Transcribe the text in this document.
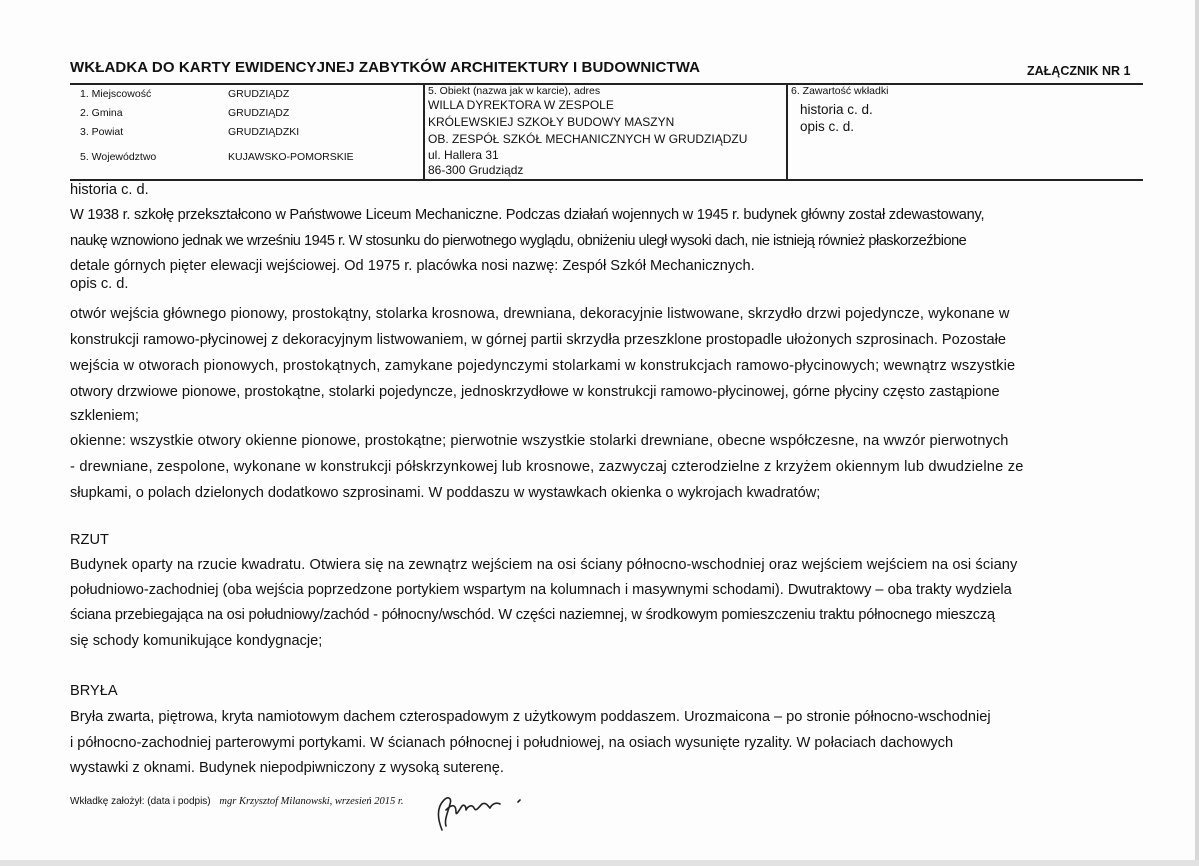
WKŁADKA DO KARTY EWIDENCYJNEJ ZABYTKÓW ARCHITEKTURY I BUDOWNICTWA	ZAŁĄCZNIK NR 1
1. Miejscowość
2. Gmina
3. Powiat
5. Województwo
GRUDZIĄDZ
GRUDZIĄDZ
GRUDZIĄDZKI
KUJAWSKO-POMORSKIE
5. Obiekt (nazwa jak w karcie), adres
WILLA DYREKTORA W ZESPOLE
KRÓLEWSKIEJ SZKOŁY BUDOWY MASZYN
OB. ZESPÓŁ SZKÓŁ MECHANICZNYCH W GRUDZIĄDZU
ul. Hallera 31
86-300 Grudziądz
6. Zawartość wkładki
historia c. d.
opis c. d.
historia c. d.
W 1938 r. szkołę przekształcono w Państwowe Liceum Mechaniczne. Podczas działań wojennych w 1945 r. budynek główny został zdewastowany,
naukę wznowiono jednak we wrześniu 1945 r. W stosunku do pierwotnego wyglądu, obniżeniu uległ wysoki dach, nie istnieją również płaskorzeźbione
detale górnych pięter elewacji wejściowej. Od 1975 r. placówka nosi nazwę: Zespół Szkół Mechanicznych.
opis c. d.
otwór wejścia głównego pionowy, prostokątny, stolarka krosnowa, drewniana, dekoracyjnie listwowane, skrzydło drzwi pojedyncze, wykonane w
konstrukcji ramowo-płycinowej z dekoracyjnym listwowaniem, w górnej partii skrzydła przeszklone prostopadle ułożonych szprosinach. Pozostałe
wejścia w otworach pionowych, prostokątnych, zamykane pojedynczymi stolarkami w konstrukcjach ramowo-płycinowych; wewnątrz wszystkie
otwory drzwiowe pionowe, prostokątne, stolarki pojedyncze, jednoskrzydłowe w konstrukcji ramowo-płycinowej, górne płyciny często zastąpione
szkleniem;
okienne: wszystkie otwory okienne pionowe, prostokątne; pierwotnie wszystkie stolarki drewniane, obecne współczesne, na wwzór pierwotnych
- drewniane, zespolone, wykonane w konstrukcji półskrzynkowej lub krosnowe, zazwyczaj czterodzielne z krzyżem okiennym lub dwudzielne ze
słupkami, o polach dzielonych dodatkowo szprosinami. W poddaszu w wystawkach okienka o wykrojach kwadratów;
RZUT
Budynek oparty na rzucie kwadratu. Otwiera się na zewnątrz wejściem na osi ściany północno-wschodniej oraz wejściem wejściem na osi ściany
południowo-zachodniej (oba wejścia poprzedzone portykiem wspartym na kolumnach i masywnymi schodami). Dwutraktowy – oba trakty wydziela
ściana przebiegająca na osi południowy/zachód - północny/wschód. W części naziemnej, w środkowym pomieszczeniu traktu północnego mieszczą
się schody komunikujące kondygnacje;
BRYŁA
Bryła zwarta, piętrowa, kryta namiotowym dachem czterospadowym z użytkowym poddaszem. Urozmaicona – po stronie północno-wschodniej
i północno-zachodniej parterowymi portykami. W ścianach północnej i południowej, na osiach wysunięte ryzality. W połaciach dachowych
wystawki z oknami. Budynek niepodpiwniczony z wysoką suterenę.
Wkładkę założył: (data i podpis) mgr Krzysztof Milanowski, wrzesień 2015 r.
